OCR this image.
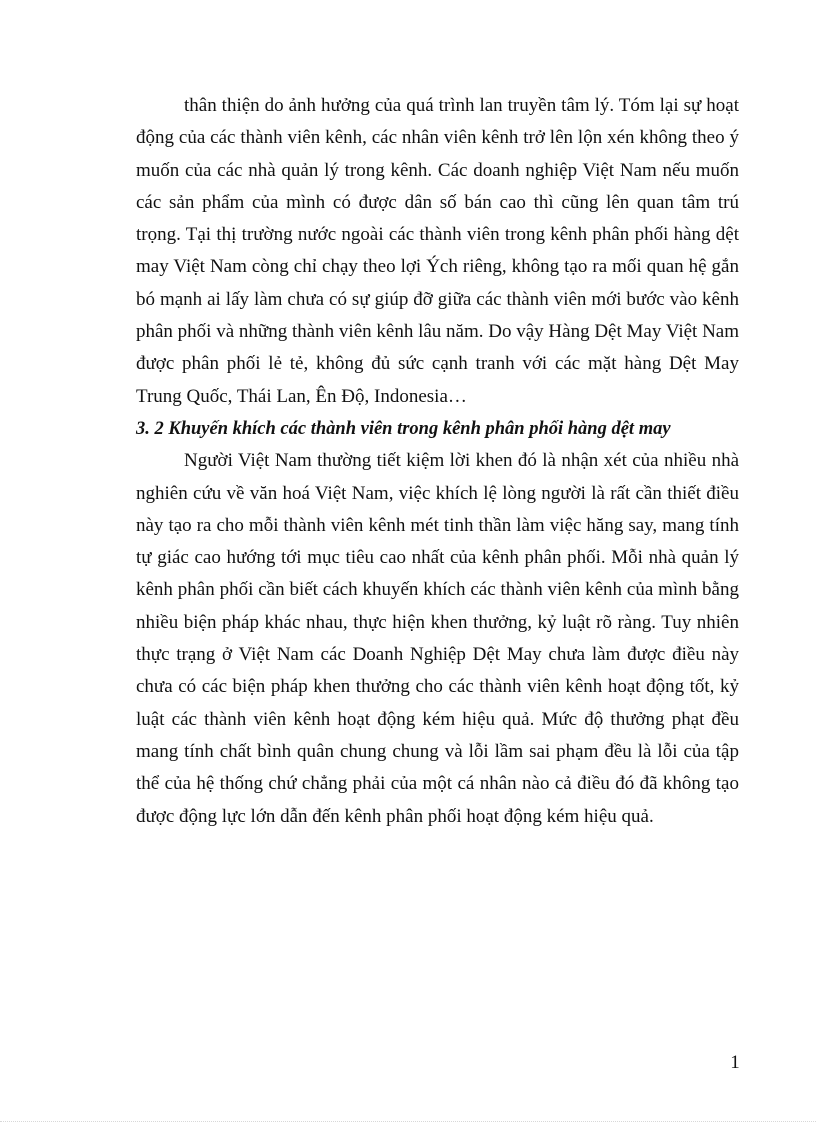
thân thiện do ảnh hưởng của quá trình lan truyền tâm lý. Tóm lại sự hoạt động của các thành viên kênh, các nhân viên kênh trở lên lộn xén không theo ý muốn của các nhà quản lý trong kênh. Các doanh nghiệp Việt Nam nếu muốn các sản phẩm của mình có được dân số bán cao thì cũng lên quan tâm trú trọng. Tại thị trường nước ngoài các thành viên trong kênh phân phối hàng dệt may Việt Nam còng chỉ chạy theo lợi Ých riêng, không tạo ra mối quan hệ gắn bó mạnh ai lấy làm chưa có sự giúp đỡ giữa các thành viên mới bước vào kênh phân phối và những thành viên kênh lâu năm. Do vậy Hàng Dệt May Việt Nam được phân phối lẻ tẻ, không đủ sức cạnh tranh với các mặt hàng Dệt May Trung Quốc, Thái Lan, Ên Độ, Indonesia…

3. 2 Khuyến khích các thành viên trong kênh phân phối hàng dệt may

Người Việt Nam thường tiết kiệm lời khen đó là nhận xét của nhiều nhà nghiên cứu về văn hoá Việt Nam, việc khích lệ lòng người là rất cần thiết điều này tạo ra cho mỗi thành viên kênh mét tinh thần làm việc hăng say, mang tính tự giác cao hướng tới mục tiêu cao nhất của kênh phân phối. Mỗi nhà quản lý kênh phân phối cần biết cách khuyến khích các thành viên kênh của mình bằng nhiều biện pháp khác nhau, thực hiện khen thưởng, kỷ luật rõ ràng. Tuy nhiên thực trạng ở Việt Nam các Doanh Nghiệp Dệt May chưa làm được điều này chưa có các biện pháp khen thưởng cho các thành viên kênh hoạt động tốt, kỷ luật các thành viên kênh hoạt động kém hiệu quả. Mức độ thưởng phạt đều mang tính chất bình quân chung chung và lỗi lầm sai phạm đều là lỗi của tập thể của hệ thống chứ chẳng phải của một cá nhân nào cả điều đó đã không tạo được động lực lớn dẫn đến kênh phân phối hoạt động kém hiệu quả.

1
